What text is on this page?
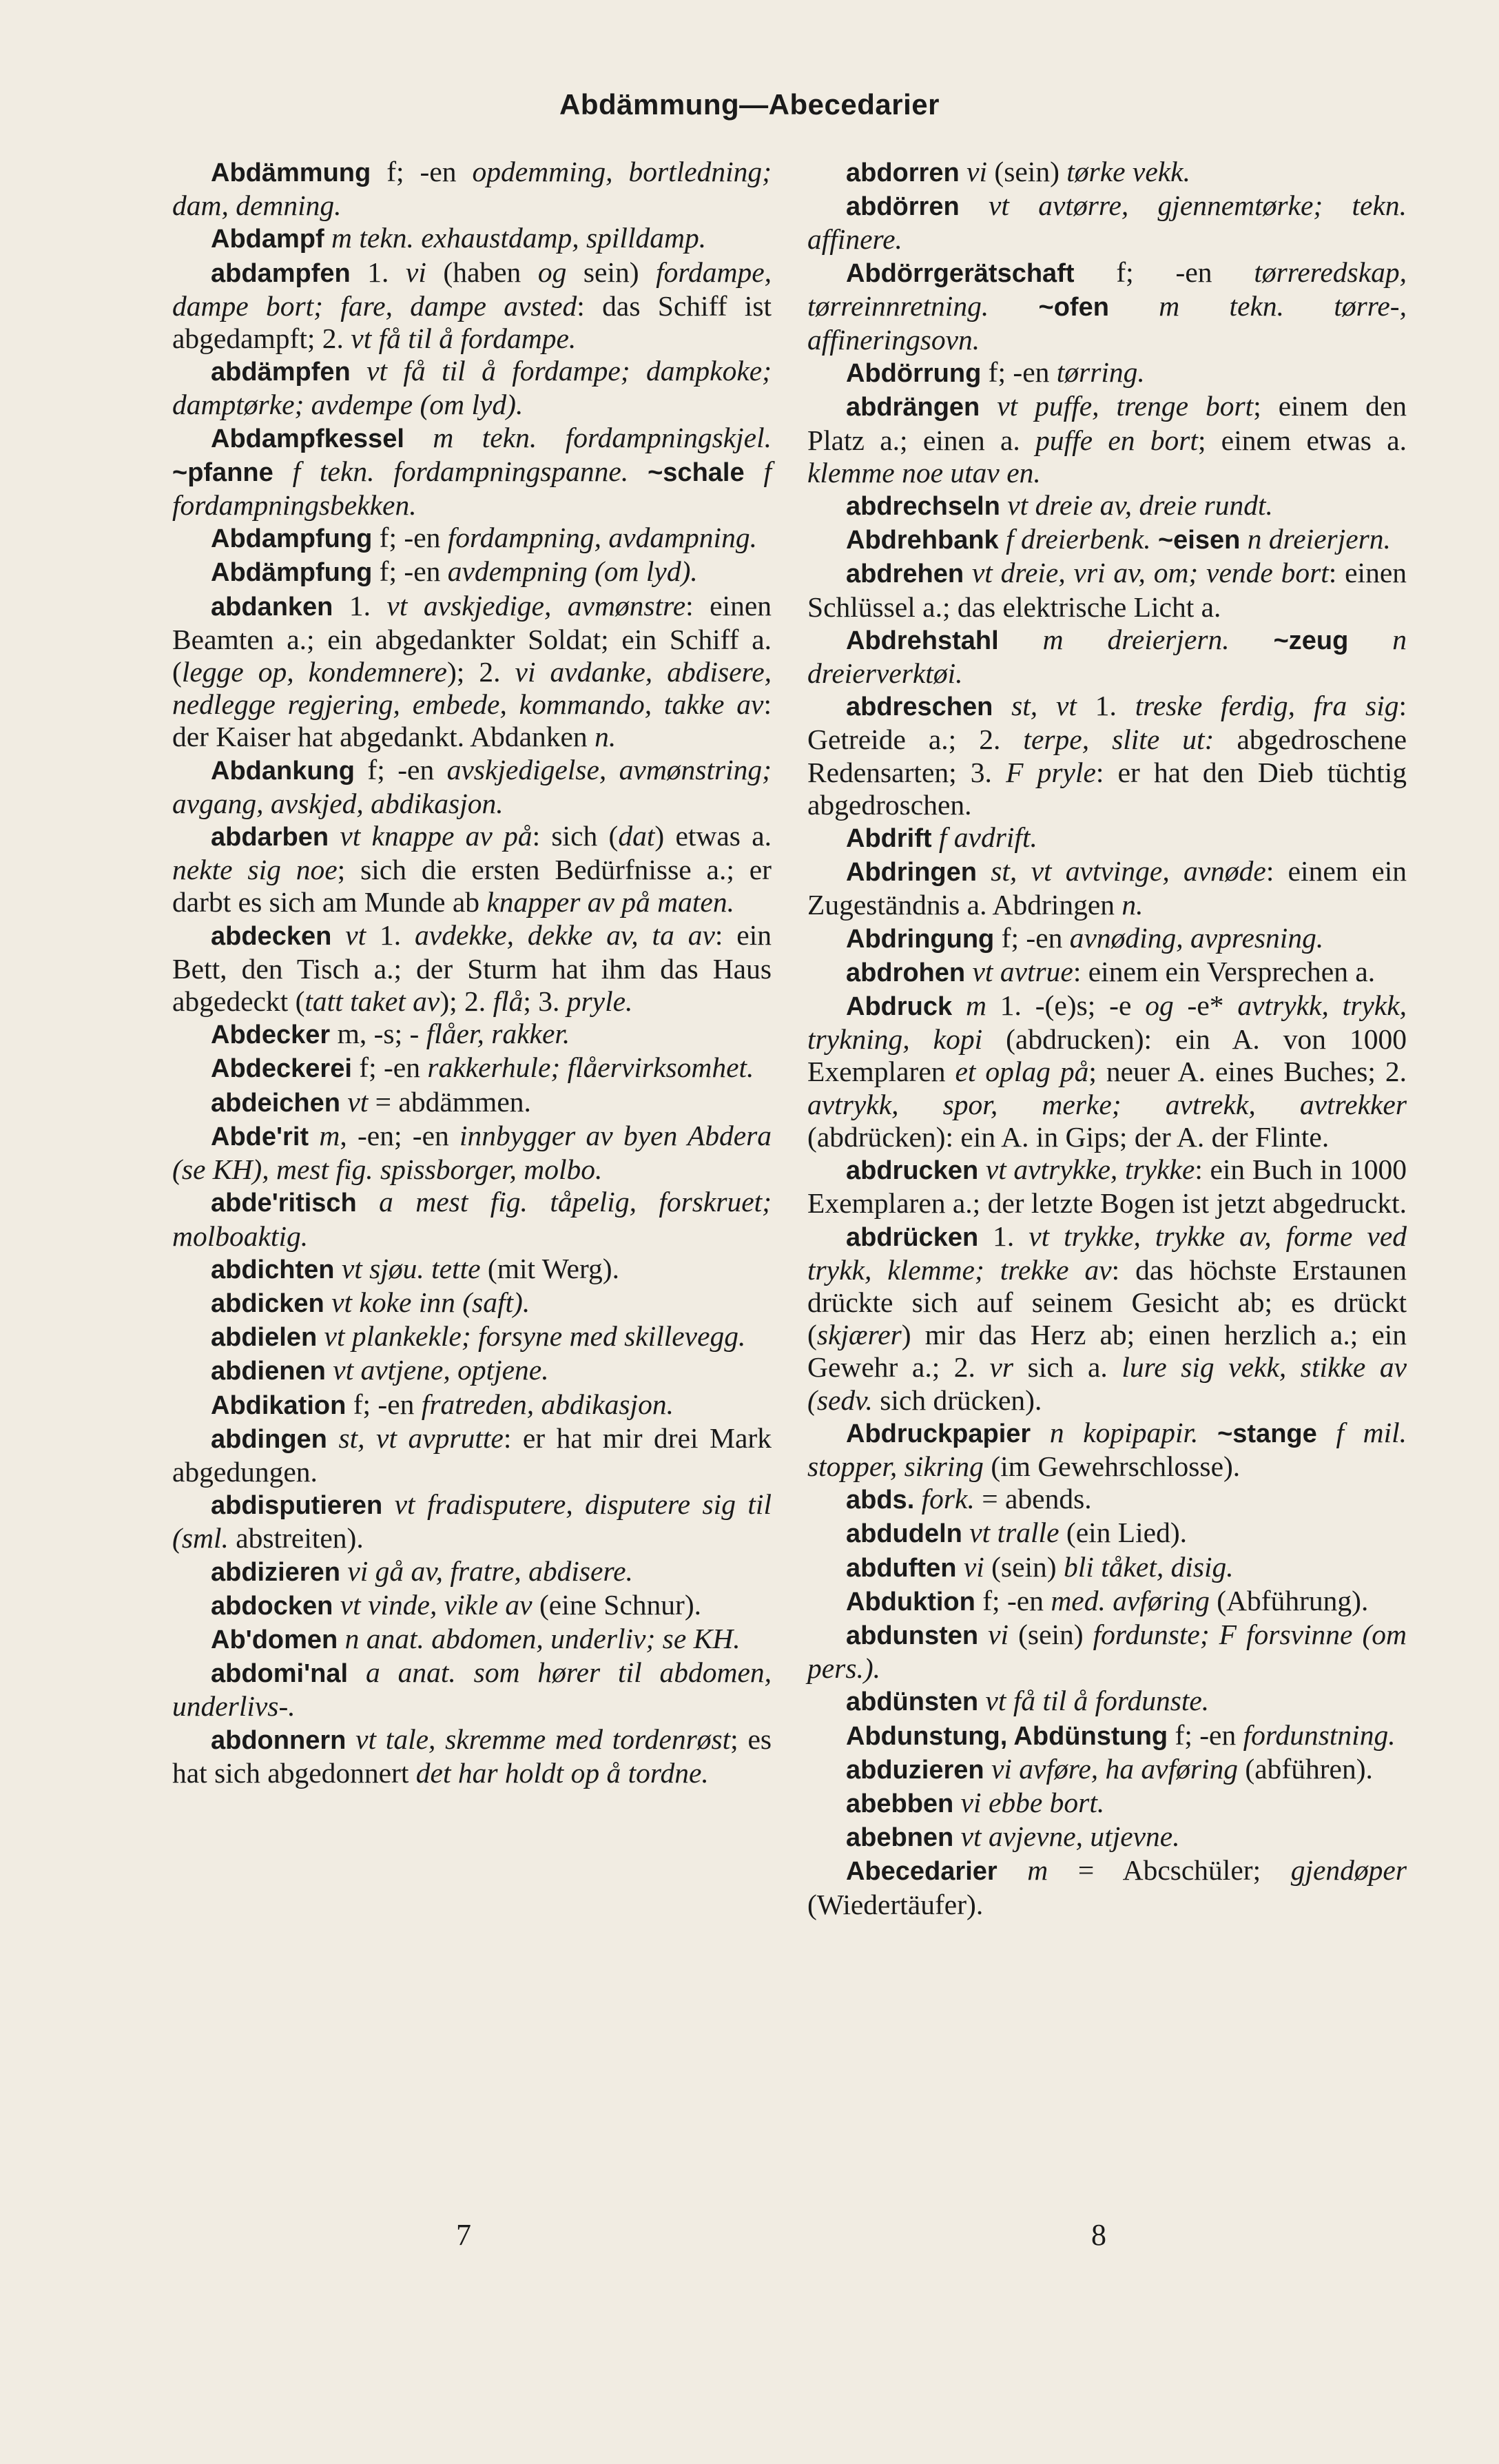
Abdämmung—Abecedarier

Abdämmung f; -en opdemming, bortledning; dam, demning.

Abdampf m tekn. exhaustdamp, spilldamp.

abdampfen 1. vi (haben og sein) fordampe, dampe bort; fare, dampe avsted: das Schiff ist abgedampft; 2. vt få til å fordampe.

abdämpfen vt få til å fordampe; dampkoke; damptørke; avdempe (om lyd).

Abdampfkessel m tekn. fordampningskjel. ~pfanne f tekn. fordampningspanne. ~schale f fordampningsbekken.

Abdampfung f; -en fordampning, avdampning.

Abdämpfung f; -en avdempning (om lyd).

abdanken 1. vt avskjedige, avmønstre: einen Beamten a.; ein abgedankter Soldat; ein Schiff a. (legge op, kondemnere); 2. vi avdanke, abdisere, nedlegge regjering, embede, kommando, takke av: der Kaiser hat abgedankt. Abdanken n.

Abdankung f; -en avskjedigelse, avmønstring; avgang, avskjed, abdikasjon.

abdarben vt knappe av på: sich (dat) etwas a. nekte sig noe; sich die ersten Bedürfnisse a.; er darbt es sich am Munde ab knapper av på maten.

abdecken vt 1. avdekke, dekke av, ta av: ein Bett, den Tisch a.; der Sturm hat ihm das Haus abgedeckt (tatt taket av); 2. flå; 3. pryle.

Abdecker m, -s; - flåer, rakker.

Abdeckerei f; -en rakkerhule; flåervirksomhet.

abdeichen vt = abdämmen.

Abde'rit m, -en; -en innbygger av byen Abdera (se KH), mest fig. spissborger, molbo.

abde'ritisch a mest fig. tåpelig, forskruet; molboaktig.

abdichten vt sjøu. tette (mit Werg).

abdicken vt koke inn (saft).

abdielen vt plankekle; forsyne med skillevegg.

abdienen vt avtjene, optjene.

Abdikation f; -en fratreden, abdikasjon.

abdingen st, vt avprutte: er hat mir drei Mark abgedungen.

abdisputieren vt fradisputere, disputere sig til (sml. abstreiten).

abdizieren vi gå av, fratre, abdisere.

abdocken vt vinde, vikle av (eine Schnur).

Ab'domen n anat. abdomen, underliv; se KH.

abdomi'nal a anat. som hører til abdomen, underlivs-.

abdonnern vt tale, skremme med tordenrøst; es hat sich abgedonnert det har holdt op å tordne.

abdorren vi (sein) tørke vekk.

abdörren vt avtørre, gjennemtørke; tekn. affinere.

Abdörrgerätschaft f; -en tørreredskap, tørreinnretning. ~ofen m tekn. tørre-, affineringsovn.

Abdörrung f; -en tørring.

abdrängen vt puffe, trenge bort; einem den Platz a.; einen a. puffe en bort; einem etwas a. klemme noe utav en.

abdrechseln vt dreie av, dreie rundt.

Abdrehbank f dreierbenk. ~eisen n dreierjern.

abdrehen vt dreie, vri av, om; vende bort: einen Schlüssel a.; das elektrische Licht a.

Abdrehstahl m dreierjern. ~zeug n dreierverktøi.

abdreschen st, vt 1. treske ferdig, fra sig: Getreide a.; 2. terpe, slite ut: abgedroschene Redensarten; 3. F pryle: er hat den Dieb tüchtig abgedroschen.

Abdrift f avdrift.

Abdringen st, vt avtvinge, avnøde: einem ein Zugeständnis a. Abdringen n.

Abdringung f; -en avnøding, avpresning.

abdrohen vt avtrue: einem ein Versprechen a.

Abdruck m 1. -(e)s; -e og -e* avtrykk, trykk, trykning, kopi (abdrucken): ein A. von 1000 Exemplaren et oplag på; neuer A. eines Buches; 2. avtrykk, spor, merke; avtrekk, avtrekker (abdrücken): ein A. in Gips; der A. der Flinte.

abdrucken vt avtrykke, trykke: ein Buch in 1000 Exemplaren a.; der letzte Bogen ist jetzt abgedruckt.

abdrücken 1. vt trykke, trykke av, forme ved trykk, klemme; trekke av: das höchste Erstaunen drückte sich auf seinem Gesicht ab; es drückt (skjærer) mir das Herz ab; einen herzlich a.; ein Gewehr a.; 2. vr sich a. lure sig vekk, stikke av (sedv. sich drücken).

Abdruckpapier n kopipapir. ~stange f mil. stopper, sikring (im Gewehrschlosse).

abds. fork. = abends.

abdudeln vt tralle (ein Lied).

abduften vi (sein) bli tåket, disig.

Abduktion f; -en med. avføring (Abführung).

abdunsten vi (sein) fordunste; F forsvinne (om pers.).

abdünsten vt få til å fordunste.

Abdunstung, Abdünstung f; -en fordunstning.

abduzieren vi avføre, ha avføring (abführen).

abebben vi ebbe bort.

abebnen vt avjevne, utjevne.

Abecedarier m = Abcschüler; gjendøper (Wiedertäufer).

7	8
